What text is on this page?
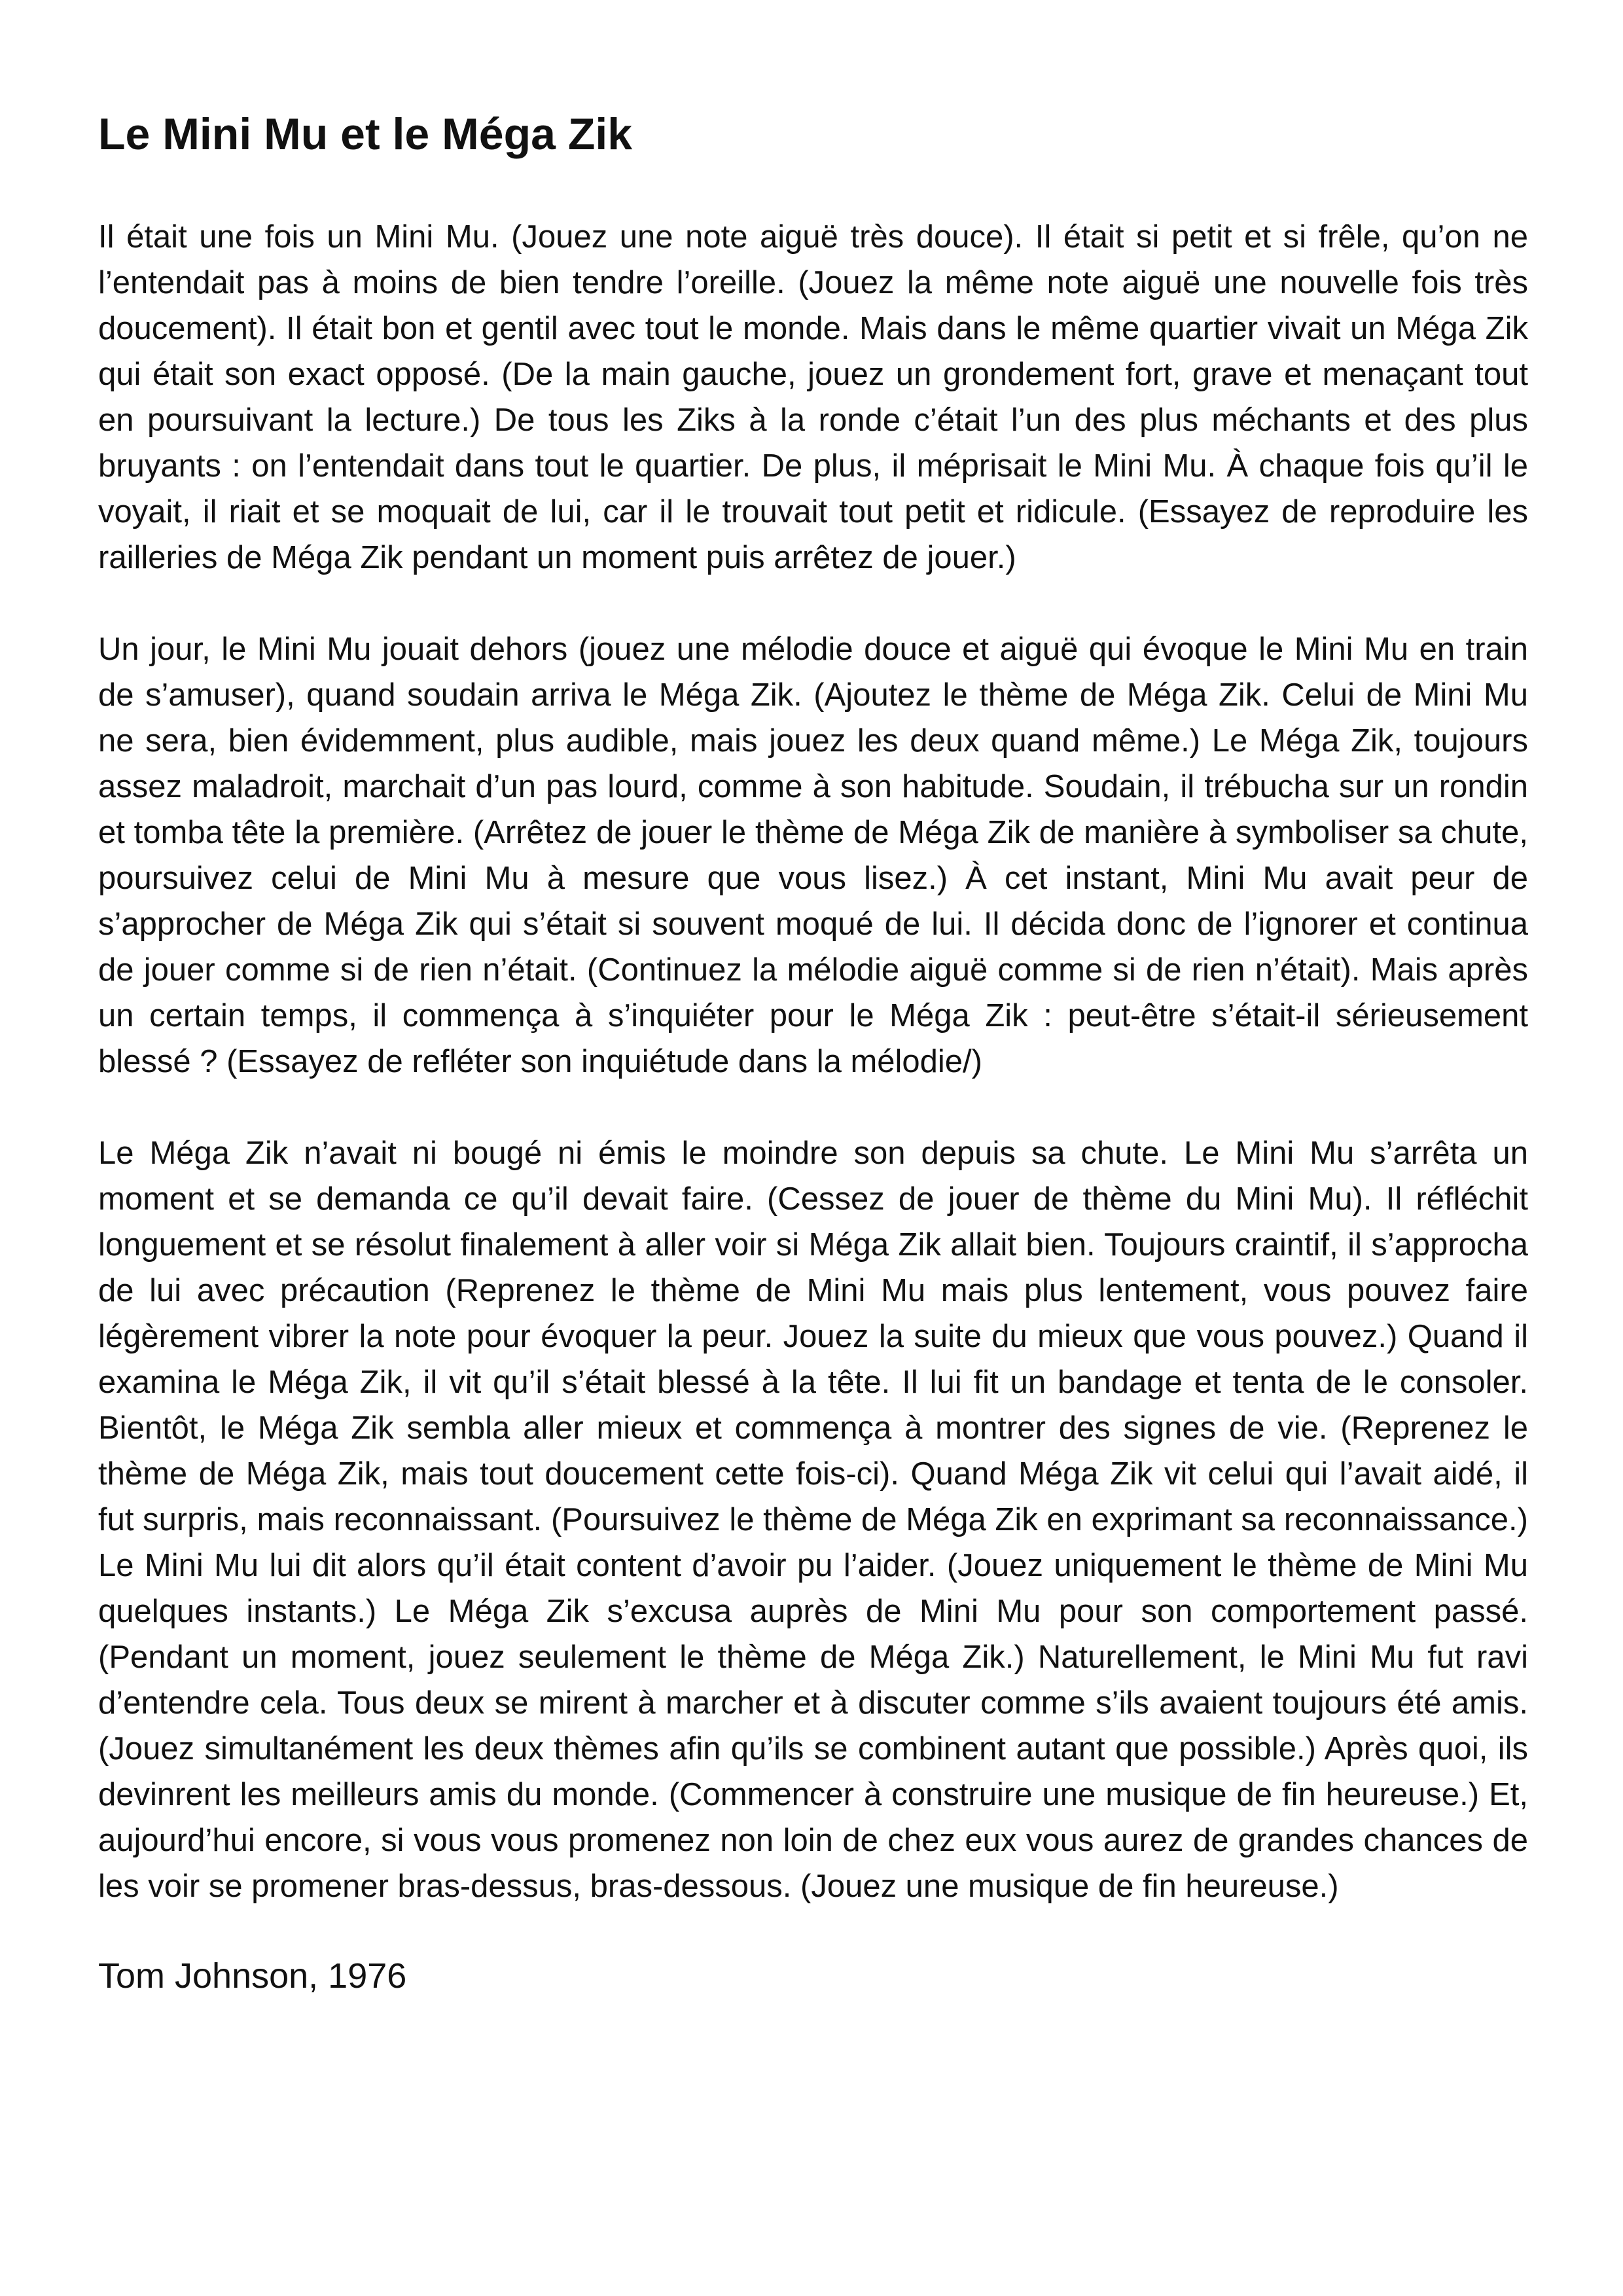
Le Mini Mu et le Méga Zik

Il était une fois un Mini Mu. (Jouez une note aiguë très douce). Il était si petit et si frêle, qu’on ne l’entendait pas à moins de bien tendre l’oreille. (Jouez la même note aiguë une nouvelle fois très doucement). Il était bon et gentil avec tout le monde. Mais dans le même quartier vivait un Méga Zik qui était son exact opposé. (De la main gauche, jouez un grondement fort, grave et menaçant tout en poursuivant la lecture.) De tous les Ziks à la ronde c’était l’un des plus méchants et des plus bruyants : on l’entendait dans tout le quartier. De plus, il méprisait le Mini Mu. À chaque fois qu’il le voyait, il riait et se moquait de lui, car il le trouvait tout petit et ridicule. (Essayez de reproduire les railleries de Méga Zik pendant un moment puis arrêtez de jouer.)

Un jour, le Mini Mu jouait dehors (jouez une mélodie douce et aiguë qui évoque le Mini Mu en train de s’amuser), quand soudain arriva le Méga Zik. (Ajoutez le thème de Méga Zik. Celui de Mini Mu ne sera, bien évidemment, plus audible, mais jouez les deux quand même.) Le Méga Zik, toujours assez maladroit, marchait d’un pas lourd, comme à son habitude. Soudain, il trébucha sur un rondin et tomba tête la première. (Arrêtez de jouer le thème de Méga Zik de manière à symboliser sa chute, poursuivez celui de Mini Mu à mesure que vous lisez.) À cet instant, Mini Mu avait peur de s’approcher de Méga Zik qui s’était si souvent moqué de lui. Il décida donc de l’ignorer et continua de jouer comme si de rien n’était. (Continuez la mélodie aiguë comme si de rien n’était). Mais après un certain temps, il commença à s’inquiéter pour le Méga Zik : peut-être s’était-il sérieusement blessé ? (Essayez de refléter son inquiétude dans la mélodie/)

Le Méga Zik n’avait ni bougé ni émis le moindre son depuis sa chute. Le Mini Mu s’arrêta un moment et se demanda ce qu’il devait faire. (Cessez de jouer de thème du Mini Mu). Il réfléchit longuement et se résolut finalement à aller voir si Méga Zik allait bien. Toujours craintif, il s’approcha de lui avec précaution (Reprenez le thème de Mini Mu mais plus lentement, vous pouvez faire légèrement vibrer la note pour évoquer la peur. Jouez la suite du mieux que vous pouvez.) Quand il examina le Méga Zik, il vit qu’il s’était blessé à la tête. Il lui fit un bandage et tenta de le consoler. Bientôt, le Méga Zik sembla aller mieux et commença à montrer des signes de vie. (Reprenez le thème de Méga Zik, mais tout doucement cette fois-ci). Quand Méga Zik vit celui qui l’avait aidé, il fut surpris, mais reconnaissant. (Poursuivez le thème de Méga Zik en exprimant sa reconnaissance.) Le Mini Mu lui dit alors qu’il était content d’avoir pu l’aider. (Jouez uniquement le thème de Mini Mu quelques instants.) Le Méga Zik s’excusa auprès de Mini Mu pour son comportement passé. (Pendant un moment, jouez seulement le thème de Méga Zik.) Naturellement, le Mini Mu fut ravi d’entendre cela. Tous deux se mirent à marcher et à discuter comme s’ils avaient toujours été amis. (Jouez simultanément les deux thèmes afin qu’ils se combinent autant que possible.) Après quoi, ils devinrent les meilleurs amis du monde. (Commencer à construire une musique de fin heureuse.) Et, aujourd’hui encore, si vous vous promenez non loin de chez eux vous aurez de grandes chances de les voir se promener bras-dessus, bras-dessous. (Jouez une musique de fin heureuse.)

Tom Johnson, 1976
